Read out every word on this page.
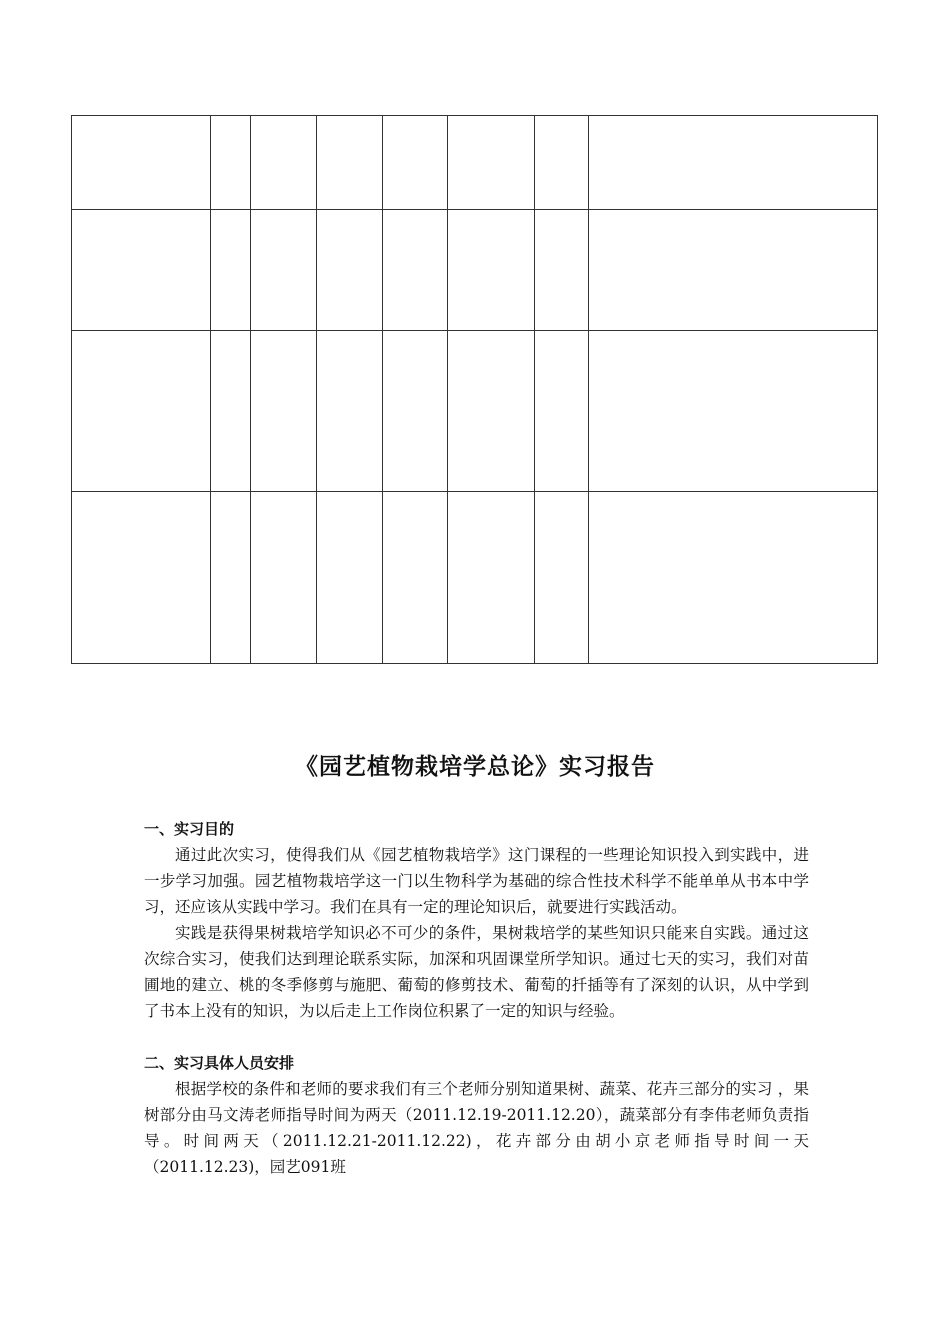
《园艺植物栽培学总论》实习报告

一、实习目的

通过此次实习，使得我们从《园艺植物栽培学》这门课程的一些理论知识投入到实践中，进一步学习加强。园艺植物栽培学这一门以生物科学为基础的综合性技术科学不能单单从书本中学习，还应该从实践中学习。我们在具有一定的理论知识后，就要进行实践活动。

实践是获得果树栽培学知识必不可少的条件，果树栽培学的某些知识只能来自实践。通过这次综合实习，使我们达到理论联系实际，加深和巩固课堂所学知识。通过七天的实习，我们对苗圃地的建立、桃的冬季修剪与施肥、葡萄的修剪技术、葡萄的扦插等有了深刻的认识，从中学到了书本上没有的知识，为以后走上工作岗位积累了一定的知识与经验。

二、实习具体人员安排

根据学校的条件和老师的要求我们有三个老师分别知道果树、蔬菜、花卉三部分的实习 ，果树部分由马文涛老师指导时间为两天（2011.12.19-2011.12.20），蔬菜部分有李伟老师负责指导。时间两天（2011.12.21-2011.12.22)，花卉部分由胡小京老师指导时间一天（2011.12.23)，园艺091班
